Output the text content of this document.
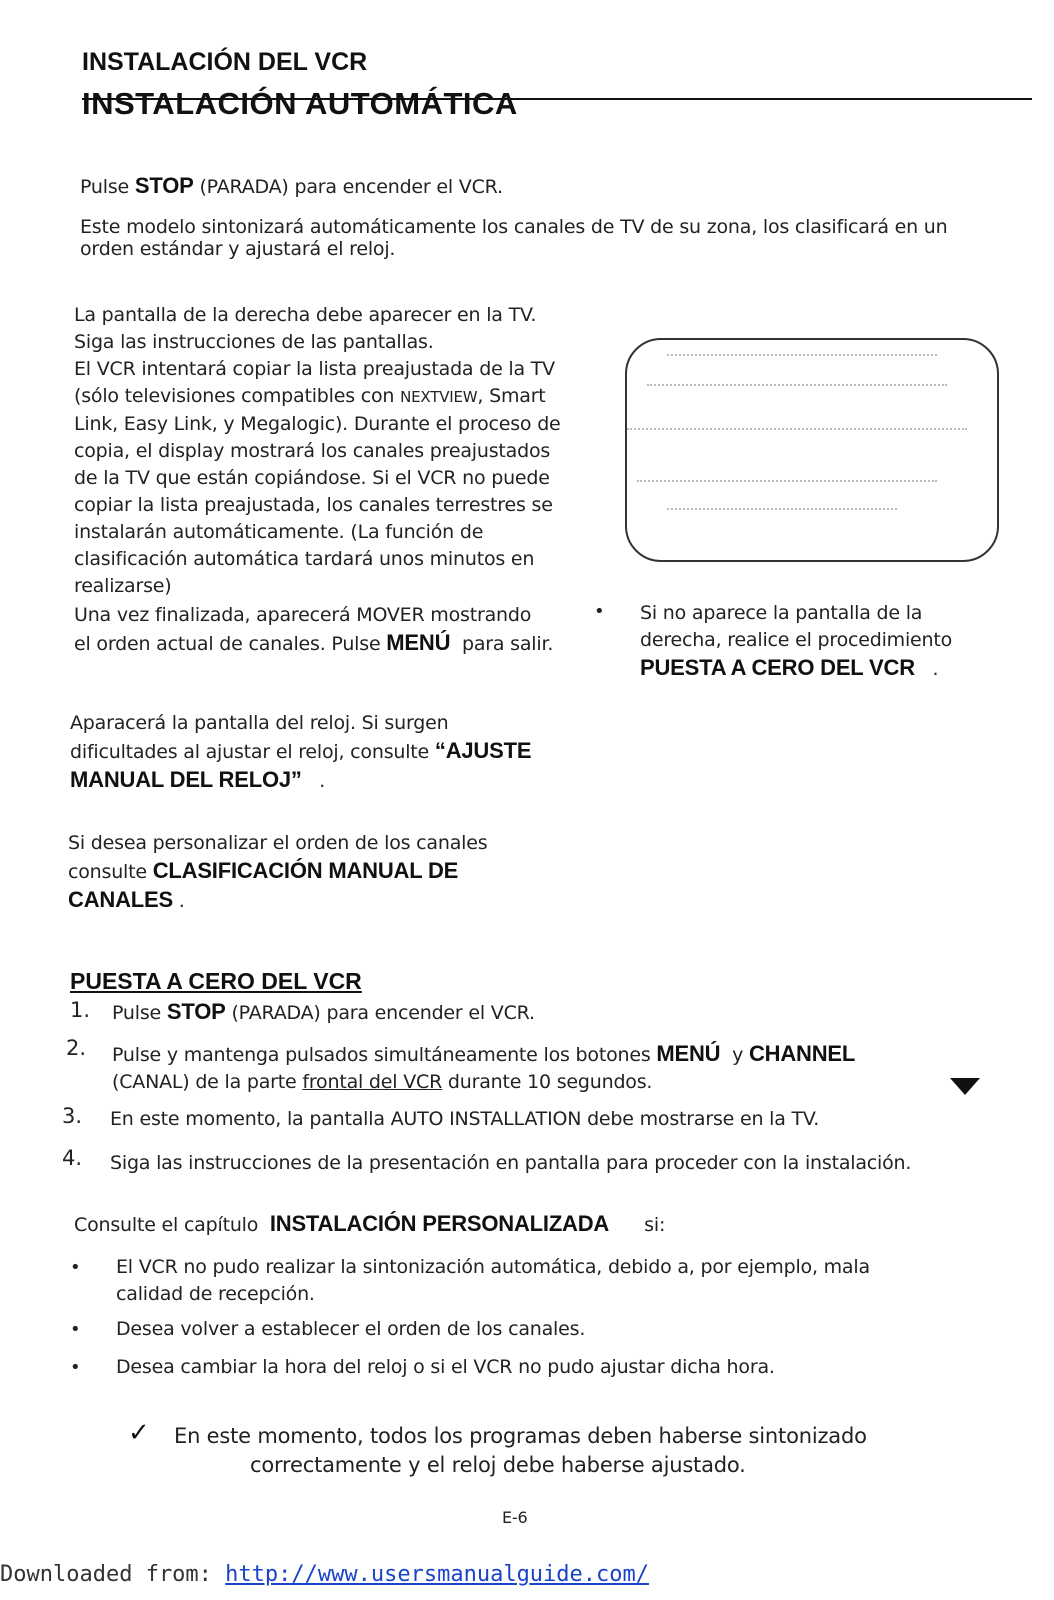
INSTALACIÓN DEL VCR
INSTALACIÓN AUTOMÁTICA
Pulse STOP (PARADA) para encender el VCR.
Este modelo sintonizará automáticamente los canales de TV de su zona, los clasificará en un
orden estándar y ajustará el reloj.
La pantalla de la derecha debe aparecer en la TV.
Siga las instrucciones de las pantallas.
El VCR intentará copiar la lista preajustada de la TV
(sólo televisiones compatibles con NEXTVIEW, Smart
Link, Easy Link, y Megalogic). Durante el proceso de
copia, el display mostrará los canales preajustados
de la TV que están copiándose. Si el VCR no puede
copiar la lista preajustada, los canales terrestres se
instalarán automáticamente. (La función de
clasificación automática tardará unos minutos en
realizarse)
Una vez finalizada, aparecerá MOVER mostrando
el orden actual de canales. Pulse MENÚ para salir.
• Si no aparece la pantalla de la
derecha, realice el procedimiento
PUESTA A CERO DEL VCR .
Aparacerá la pantalla del reloj. Si surgen
dificultades al ajustar el reloj, consulte “AJUSTE
MANUAL DEL RELOJ” .
Si desea personalizar el orden de los canales
consulte CLASIFICACIÓN MANUAL DE
CANALES .
PUESTA A CERO DEL VCR
1. Pulse STOP (PARADA) para encender el VCR.
2. Pulse y mantenga pulsados simultáneamente los botones MENÚ y CHANNEL
(CANAL) de la parte frontal del VCR durante 10 segundos.
3. En este momento, la pantalla AUTO INSTALLATION debe mostrarse en la TV.
4. Siga las instrucciones de la presentación en pantalla para proceder con la instalación.
Consulte el capítulo INSTALACIÓN PERSONALIZADA si:
• El VCR no pudo realizar la sintonización automática, debido a, por ejemplo, mala
calidad de recepción.
• Desea volver a establecer el orden de los canales.
• Desea cambiar la hora del reloj o si el VCR no pudo ajustar dicha hora.
✓ En este momento, todos los programas deben haberse sintonizado
correctamente y el reloj debe haberse ajustado.
E-6
Downloaded from: http://www.usersmanualguide.com/
